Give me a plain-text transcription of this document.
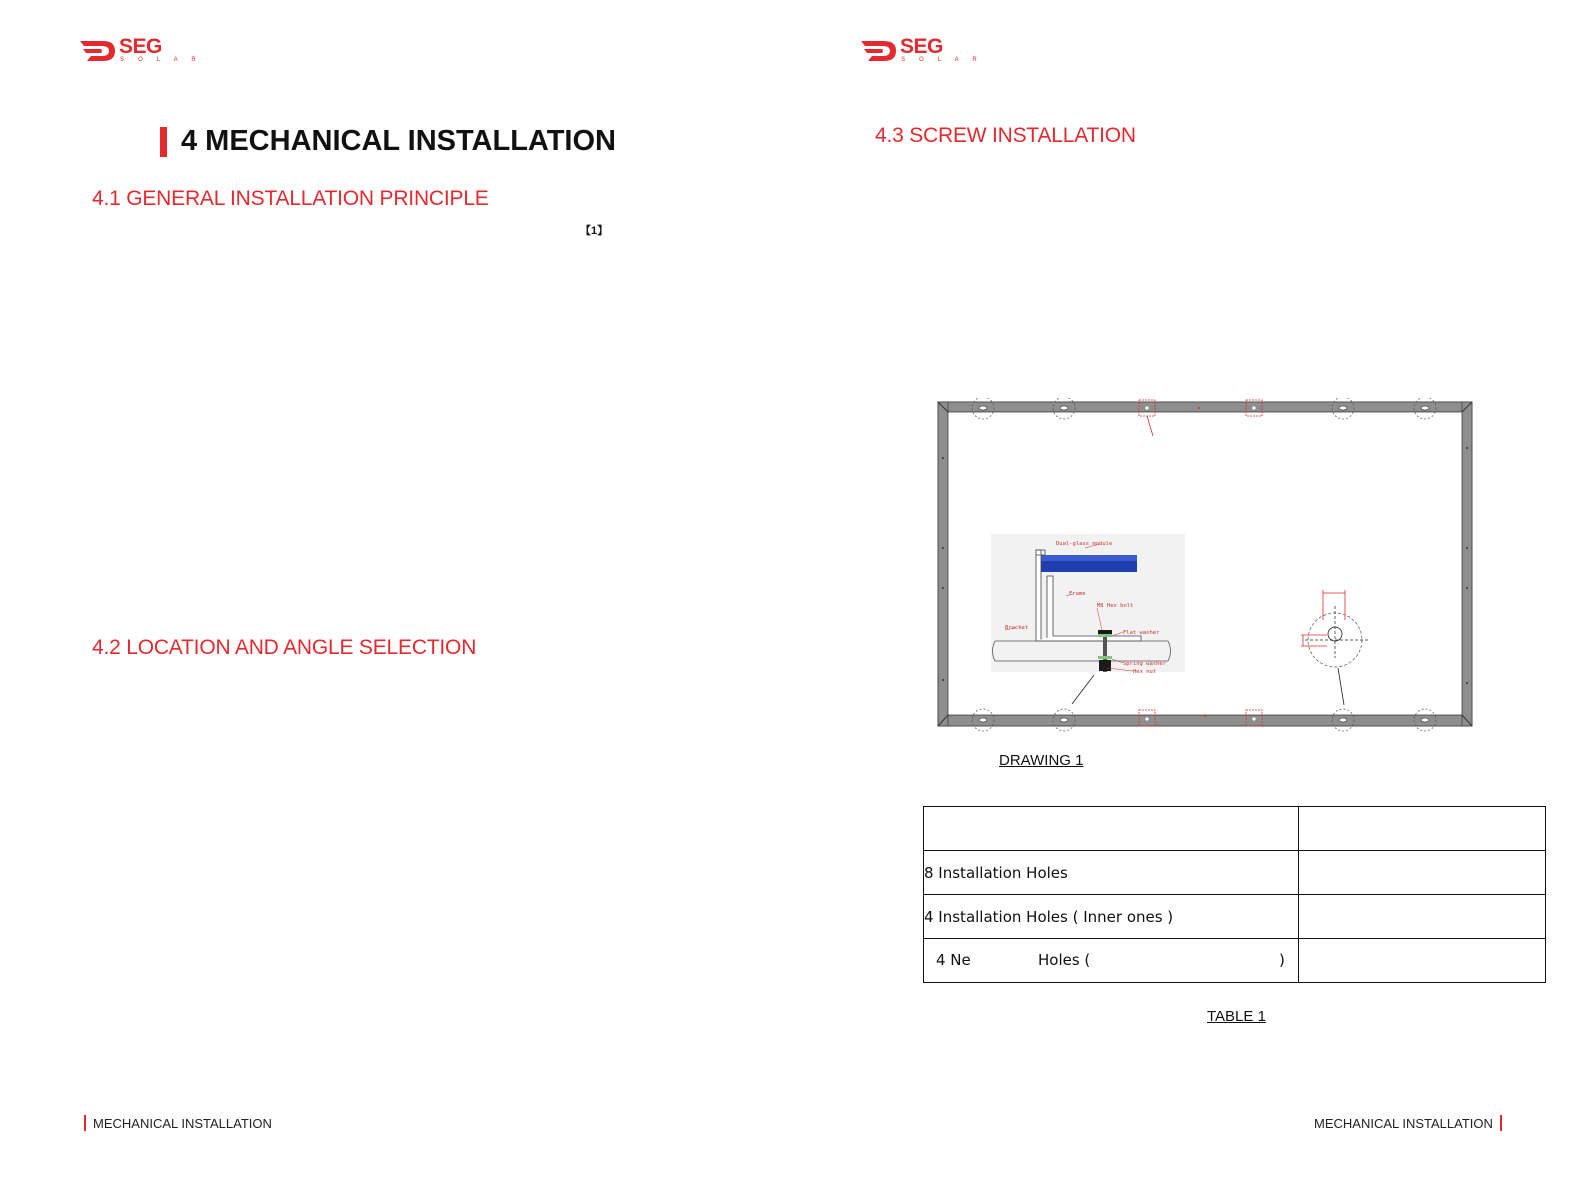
SEG
S O L A R
4 MECHANICAL INSTALLATION
4.1 GENERAL INSTALLATION PRINCIPLE
【1】
4.2 LOCATION AND ANGLE SELECTION
MECHANICAL INSTALLATION
SEG
S O L A R
4.3 SCREW INSTALLATION
Dual-glass module
Frame
M8 Hex bolt
Bracket
Flat washer
Spring washer
Hex nut
DRAWING 1

8 Installation Holes	
4 Installation Holes ( Inner ones )	

4 Ne Holes ( )	

TABLE 1
MECHANICAL INSTALLATION
